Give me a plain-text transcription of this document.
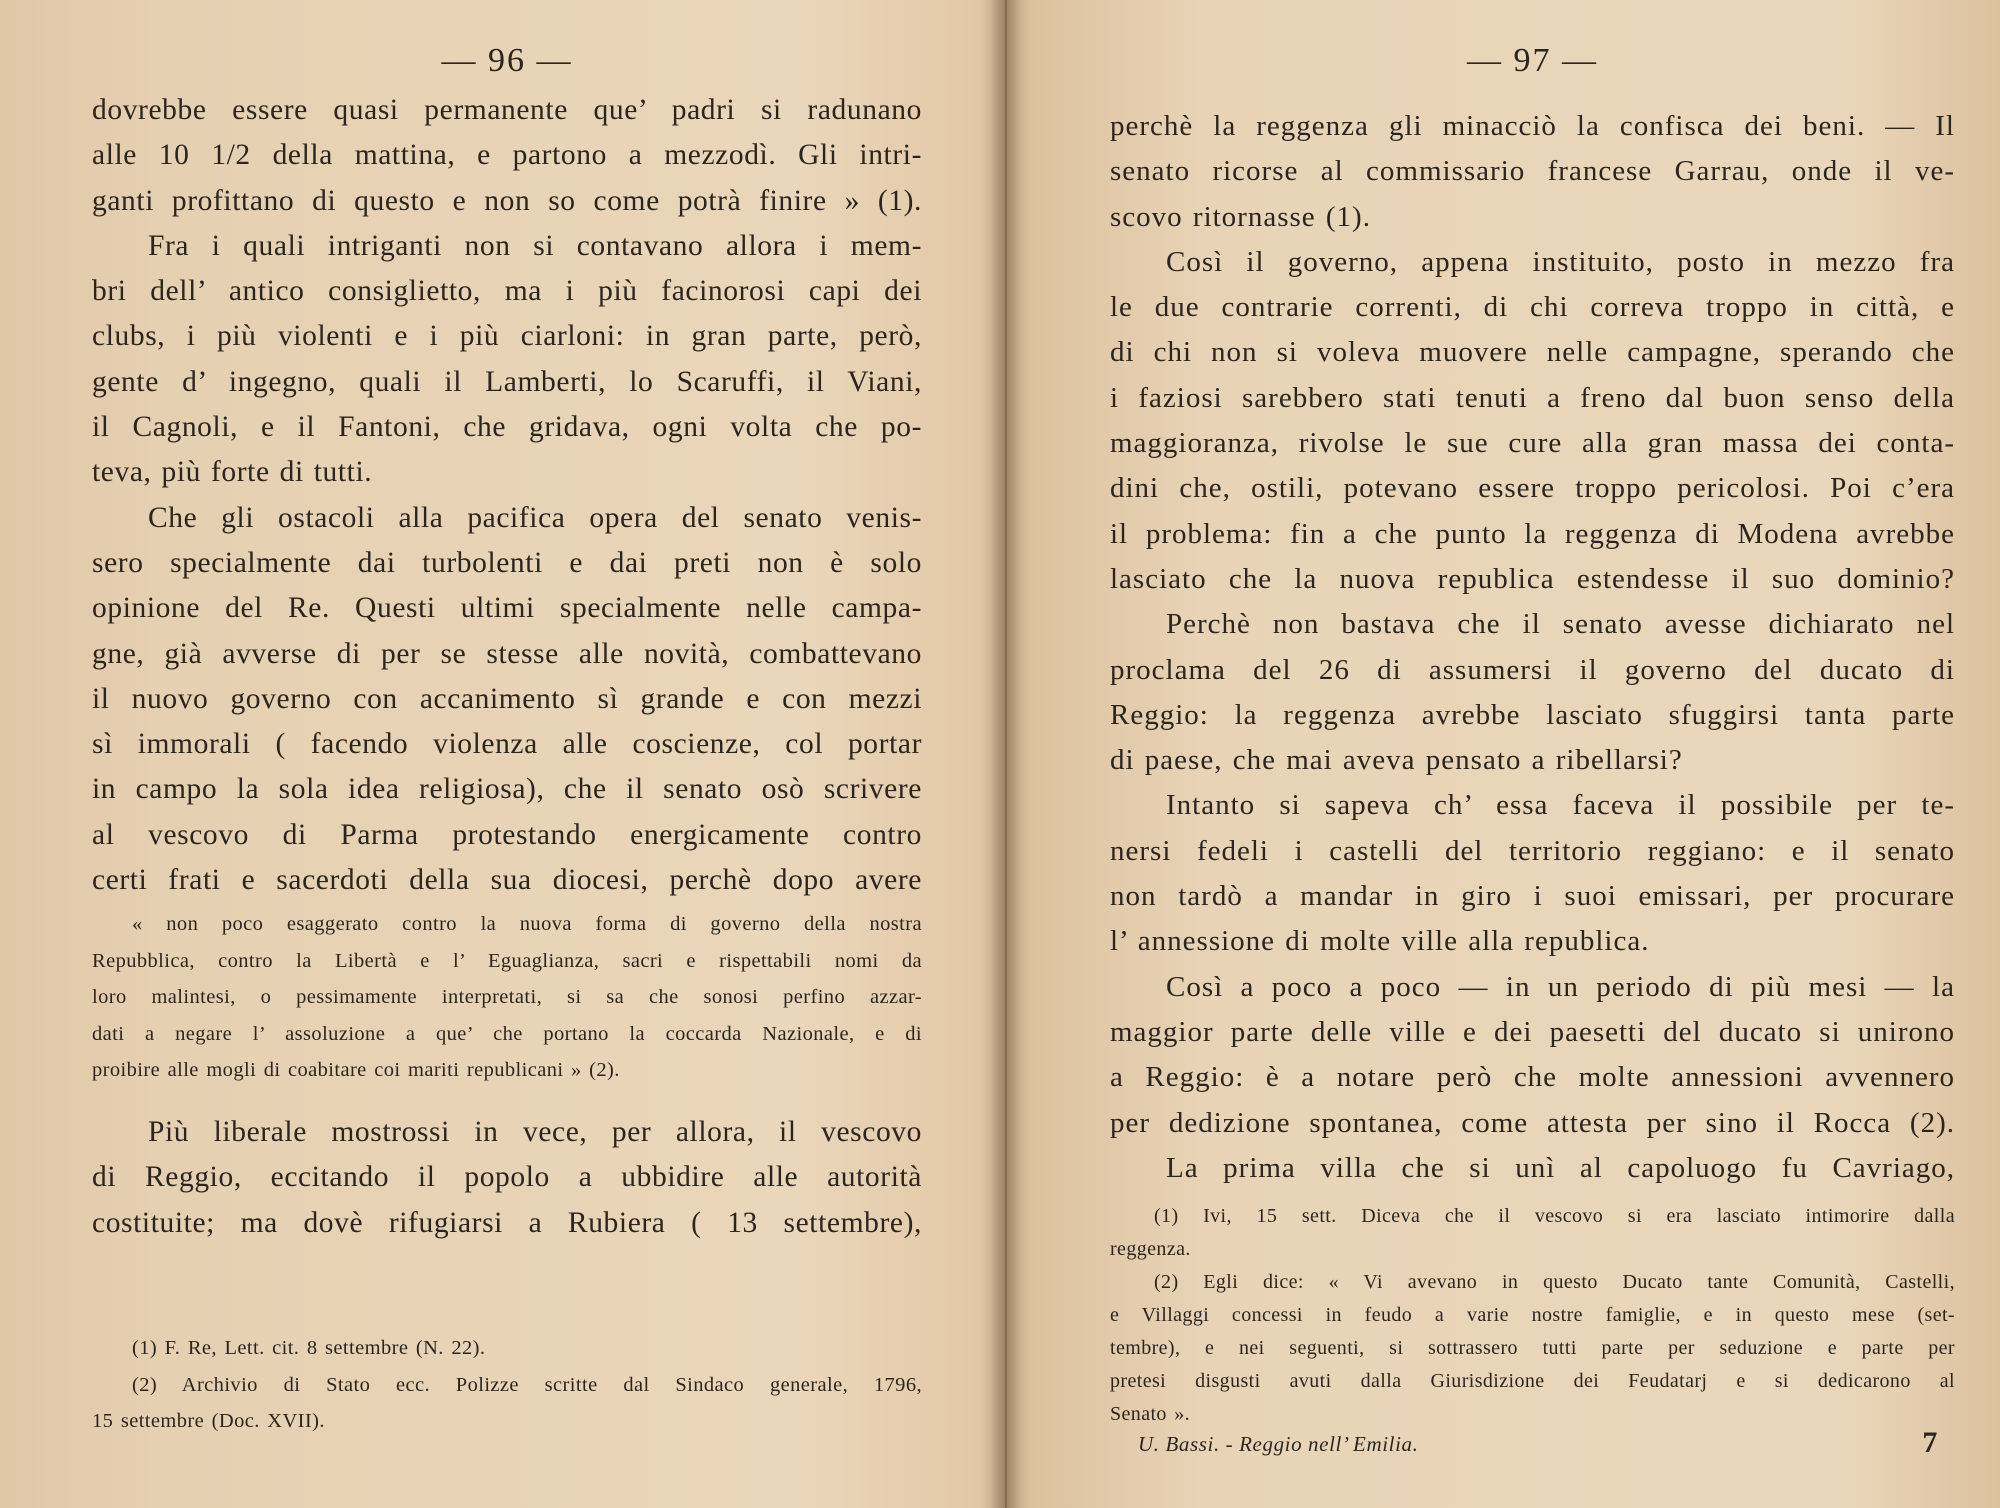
— 96 —
dovrebbe essere quasi permanente que’ padri si radunano
alle 10 1/2 della mattina, e partono a mezzodì. Gli intri-
ganti profittano di questo e non so come potrà finire » (1).
Fra i quali intriganti non si contavano allora i mem-
bri dell’ antico consiglietto, ma i più facinorosi capi dei
clubs, i più violenti e i più ciarloni: in gran parte, però,
gente d’ ingegno, quali il Lamberti, lo Scaruffi, il Viani,
il Cagnoli, e il Fantoni, che gridava, ogni volta che po-
teva, più forte di tutti.
Che gli ostacoli alla pacifica opera del senato venis-
sero specialmente dai turbolenti e dai preti non è solo
opinione del Re. Questi ultimi specialmente nelle campa-
gne, già avverse di per se stesse alle novità, combattevano
il nuovo governo con accanimento sì grande e con mezzi
sì immorali ( facendo violenza alle coscienze, col portar
in campo la sola idea religiosa), che il senato osò scrivere
al vescovo di Parma protestando energicamente contro
certi frati e sacerdoti della sua diocesi, perchè dopo avere
« non poco esaggerato contro la nuova forma di governo della nostra
Repubblica, contro la Libertà e l’ Eguaglianza, sacri e rispettabili nomi da
loro malintesi, o pessimamente interpretati, si sa che sonosi perfino azzar-
dati a negare l’ assoluzione a que’ che portano la coccarda Nazionale, e di
proibire alle mogli di coabitare coi mariti republicani » (2).
Più liberale mostrossi in vece, per allora, il vescovo
di Reggio, eccitando il popolo a ubbidire alle autorità
costituite; ma dovè rifugiarsi a Rubiera ( 13 settembre),
(1) F. Re, Lett. cit. 8 settembre (N. 22).
(2) Archivio di Stato ecc. Polizze scritte dal Sindaco generale, 1796,
15 settembre (Doc. XVII).
— 97 —
perchè la reggenza gli minacciò la confisca dei beni. — Il
senato ricorse al commissario francese Garrau, onde il ve-
scovo ritornasse (1).
Così il governo, appena instituito, posto in mezzo fra
le due contrarie correnti, di chi correva troppo in città, e
di chi non si voleva muovere nelle campagne, sperando che
i faziosi sarebbero stati tenuti a freno dal buon senso della
maggioranza, rivolse le sue cure alla gran massa dei conta-
dini che, ostili, potevano essere troppo pericolosi. Poi c’era
il problema: fin a che punto la reggenza di Modena avrebbe
lasciato che la nuova republica estendesse il suo dominio?
Perchè non bastava che il senato avesse dichiarato nel
proclama del 26 di assumersi il governo del ducato di
Reggio: la reggenza avrebbe lasciato sfuggirsi tanta parte
di paese, che mai aveva pensato a ribellarsi?
Intanto si sapeva ch’ essa faceva il possibile per te-
nersi fedeli i castelli del territorio reggiano: e il senato
non tardò a mandar in giro i suoi emissari, per procurare
l’ annessione di molte ville alla republica.
Così a poco a poco — in un periodo di più mesi — la
maggior parte delle ville e dei paesetti del ducato si unirono
a Reggio: è a notare però che molte annessioni avvennero
per dedizione spontanea, come attesta per sino il Rocca (2).
La prima villa che si unì al capoluogo fu Cavriago,
(1) Ivi, 15 sett. Diceva che il vescovo si era lasciato intimorire dalla
reggenza.
(2) Egli dice: « Vi avevano in questo Ducato tante Comunità, Castelli,
e Villaggi concessi in feudo a varie nostre famiglie, e in questo mese (set-
tembre), e nei seguenti, si sottrassero tutti parte per seduzione e parte per
pretesi disgusti avuti dalla Giurisdizione dei Feudatarj e si dedicarono al
Senato ».
U. Bassi. - Reggio nell’ Emilia.	7
